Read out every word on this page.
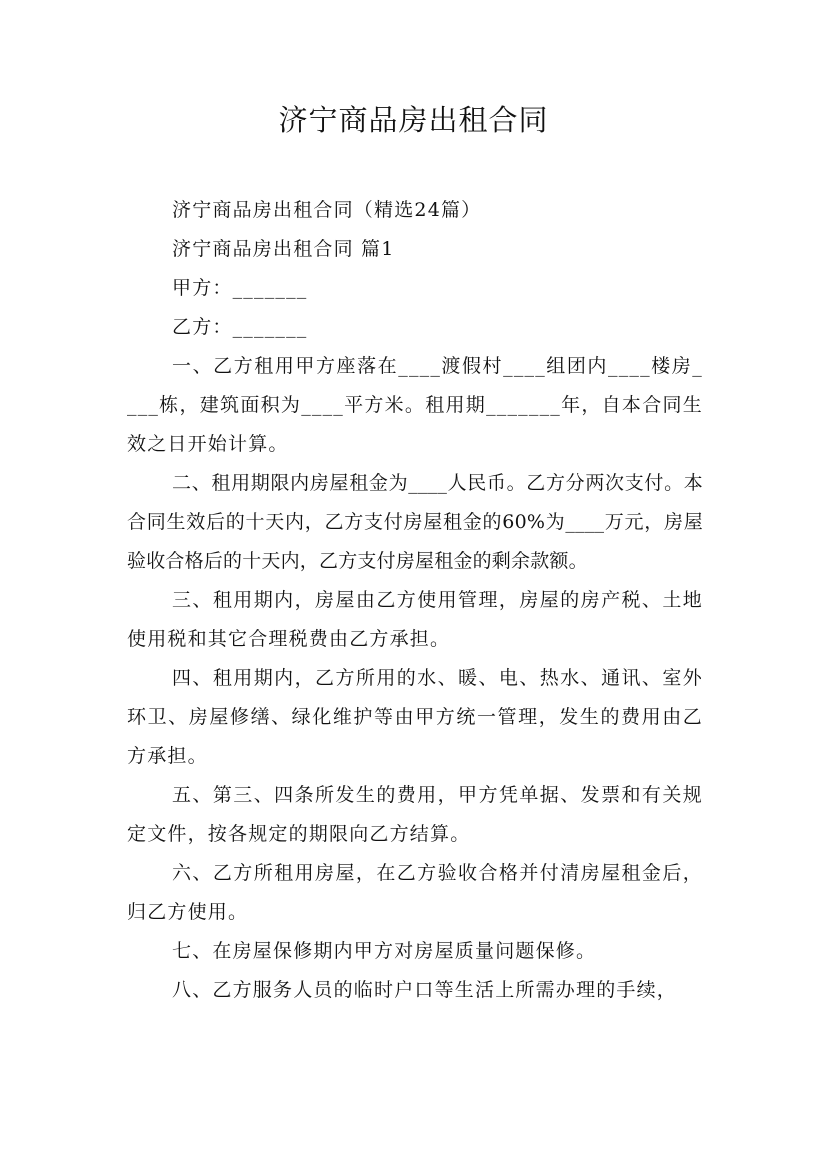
济宁商品房出租合同

济宁商品房出租合同（精选24篇）

济宁商品房出租合同 篇1

甲方：_______

乙方：_______

一、乙方租用甲方座落在____渡假村____组团内____楼房____栋，建筑面积为____平方米。租用期_______年，自本合同生效之日开始计算。

二、租用期限内房屋租金为____人民币。乙方分两次支付。本合同生效后的十天内，乙方支付房屋租金的60%为____万元，房屋验收合格后的十天内，乙方支付房屋租金的剩余款额。

三、租用期内，房屋由乙方使用管理，房屋的房产税、土地使用税和其它合理税费由乙方承担。

四、租用期内，乙方所用的水、暖、电、热水、通讯、室外环卫、房屋修缮、绿化维护等由甲方统一管理，发生的费用由乙方承担。

五、第三、四条所发生的费用，甲方凭单据、发票和有关规定文件，按各规定的期限向乙方结算。

六、乙方所租用房屋，在乙方验收合格并付清房屋租金后，归乙方使用。

七、在房屋保修期内甲方对房屋质量问题保修。

八、乙方服务人员的临时户口等生活上所需办理的手续，
